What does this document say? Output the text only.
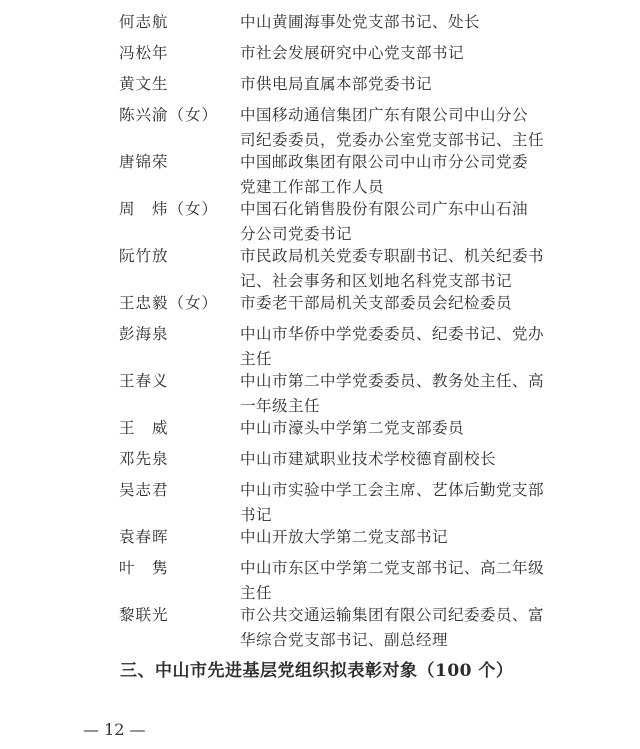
何志航	中山黄圃海事处党支部书记、处长
冯松年	市社会发展研究中心党支部书记
黄文生	市供电局直属本部党委书记
陈兴渝（女） 中国移动通信集团广东有限公司中山分公
司纪委委员，党委办公室党支部书记、主任
唐锦荣	中国邮政集团有限公司中山市分公司党委
党建工作部工作人员
周　炜（女） 中国石化销售股份有限公司广东中山石油
分公司党委书记
阮竹放	市民政局机关党委专职副书记、机关纪委书
记、社会事务和区划地名科党支部书记
王忠毅（女） 市委老干部局机关支部委员会纪检委员
彭海泉	中山市华侨中学党委委员、纪委书记、党办
主任
王春义	中山市第二中学党委委员、教务处主任、高
一年级主任
王　威	中山市濠头中学第二党支部委员
邓先泉	中山市建斌职业技术学校德育副校长
吴志君	中山市实验中学工会主席、艺体后勤党支部
书记
袁春晖	中山开放大学第二党支部书记
叶　隽	中山市东区中学第二党支部书记、高二年级
主任
黎联光	市公共交通运输集团有限公司纪委委员、富
华综合党支部书记、副总经理
三、中山市先进基层党组织拟表彰对象（100 个）
— 12 —
